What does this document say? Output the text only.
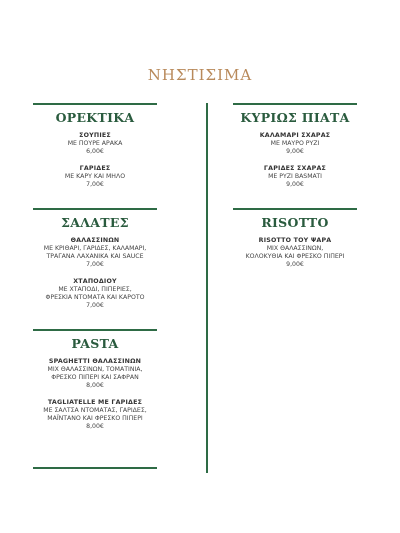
ΝΗΣΤΙΣΙΜΑ
ΟΡΕΚΤΙΚΑ
ΣΟΥΠΙΕΣ
ΜΕ ΠΟΥΡΕ ΑΡΑΚΑ
6,00€
ΓΑΡΙΔΕΣ
ΜΕ ΚΑΡΥ ΚΑΙ ΜΗΛΟ
7,00€
ΣΑΛΑΤΕΣ
ΘΑΛΑΣΣΙΝΩΝ
ΜΕ ΚΡΙΘΑΡΙ, ΓΑΡΙΔΕΣ, ΚΑΛΑΜΑΡΙ,
ΤΡΑΓΑΝΑ ΛΑΧΑΝΙΚΑ ΚΑΙ SAUCE
7,00€
ΧΤΑΠΟΔΙΟΥ
ΜΕ ΧΤΑΠΟΔΙ, ΠΙΠΕΡΙΕΣ,
ΦΡΕΣΚΙΑ ΝΤΟΜΑΤΑ ΚΑΙ ΚΑΡΟΤΟ
7,00€
PASTA
SPAGHETTI ΘΑΛΑΣΣΙΝΩΝ
ΜΙΧ ΘΑΛΑΣΣΙΝΩΝ, ΤΟΜΑΤΙΝΙΑ,
ΦΡΕΣΚΟ ΠΙΠΕΡΙ ΚΑΙ ΣΑΦΡΑΝ
8,00€
TAGLIATELLE ΜΕ ΓΑΡΙΔΕΣ
ΜΕ ΣΑΛΤΣΑ ΝΤΟΜΑΤΑΣ, ΓΑΡΙΔΕΣ,
ΜΑΪΝΤΑΝΟ ΚΑΙ ΦΡΕΣΚΟ ΠΙΠΕΡΙ
8,00€
ΚΥΡΙΩΣ ΠΙΑΤΑ
ΚΑΛΑΜΑΡΙ ΣΧΑΡΑΣ
ΜΕ ΜΑΥΡΟ ΡΥΖΙ
9,00€
ΓΑΡΙΔΕΣ ΣΧΑΡΑΣ
ΜΕ ΡΥΖΙ BASMATI
9,00€
RISOTTO
RISOTTO ΤΟΥ ΨΑΡΑ
ΜΙΧ ΘΑΛΑΣΣΙΝΩΝ,
ΚΟΛΟΚΥΘΙΑ ΚΑΙ ΦΡΕΣΚΟ ΠΙΠΕΡΙ
9,00€
